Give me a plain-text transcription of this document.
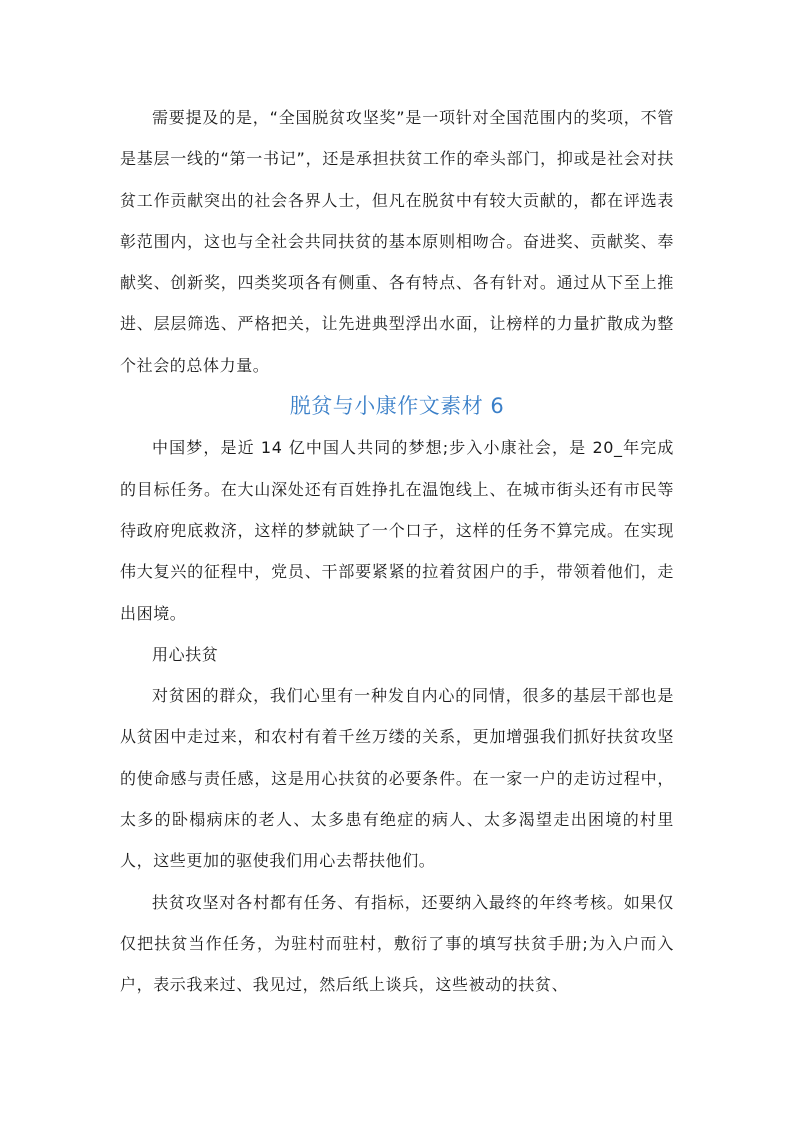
需要提及的是，“全国脱贫攻坚奖”是一项针对全国范围内的奖项，不管是基层一线的“第一书记”，还是承担扶贫工作的牵头部门，抑或是社会对扶贫工作贡献突出的社会各界人士，但凡在脱贫中有较大贡献的，都在评选表彰范围内，这也与全社会共同扶贫的基本原则相吻合。奋进奖、贡献奖、奉献奖、创新奖，四类奖项各有侧重、各有特点、各有针对。通过从下至上推进、层层筛选、严格把关，让先进典型浮出水面，让榜样的力量扩散成为整个社会的总体力量。

脱贫与小康作文素材 6

中国梦，是近 14 亿中国人共同的梦想;步入小康社会，是 20_年完成的目标任务。在大山深处还有百姓挣扎在温饱线上、在城市街头还有市民等待政府兜底救济，这样的梦就缺了一个口子，这样的任务不算完成。在实现伟大复兴的征程中，党员、干部要紧紧的拉着贫困户的手，带领着他们，走出困境。

用心扶贫

对贫困的群众，我们心里有一种发自内心的同情，很多的基层干部也是从贫困中走过来，和农村有着千丝万缕的关系，更加增强我们抓好扶贫攻坚的使命感与责任感，这是用心扶贫的必要条件。在一家一户的走访过程中，太多的卧榻病床的老人、太多患有绝症的病人、太多渴望走出困境的村里人，这些更加的驱使我们用心去帮扶他们。

扶贫攻坚对各村都有任务、有指标，还要纳入最终的年终考核。如果仅仅把扶贫当作任务，为驻村而驻村，敷衍了事的填写扶贫手册;为入户而入户，表示我来过、我见过，然后纸上谈兵，这些被动的扶贫、
